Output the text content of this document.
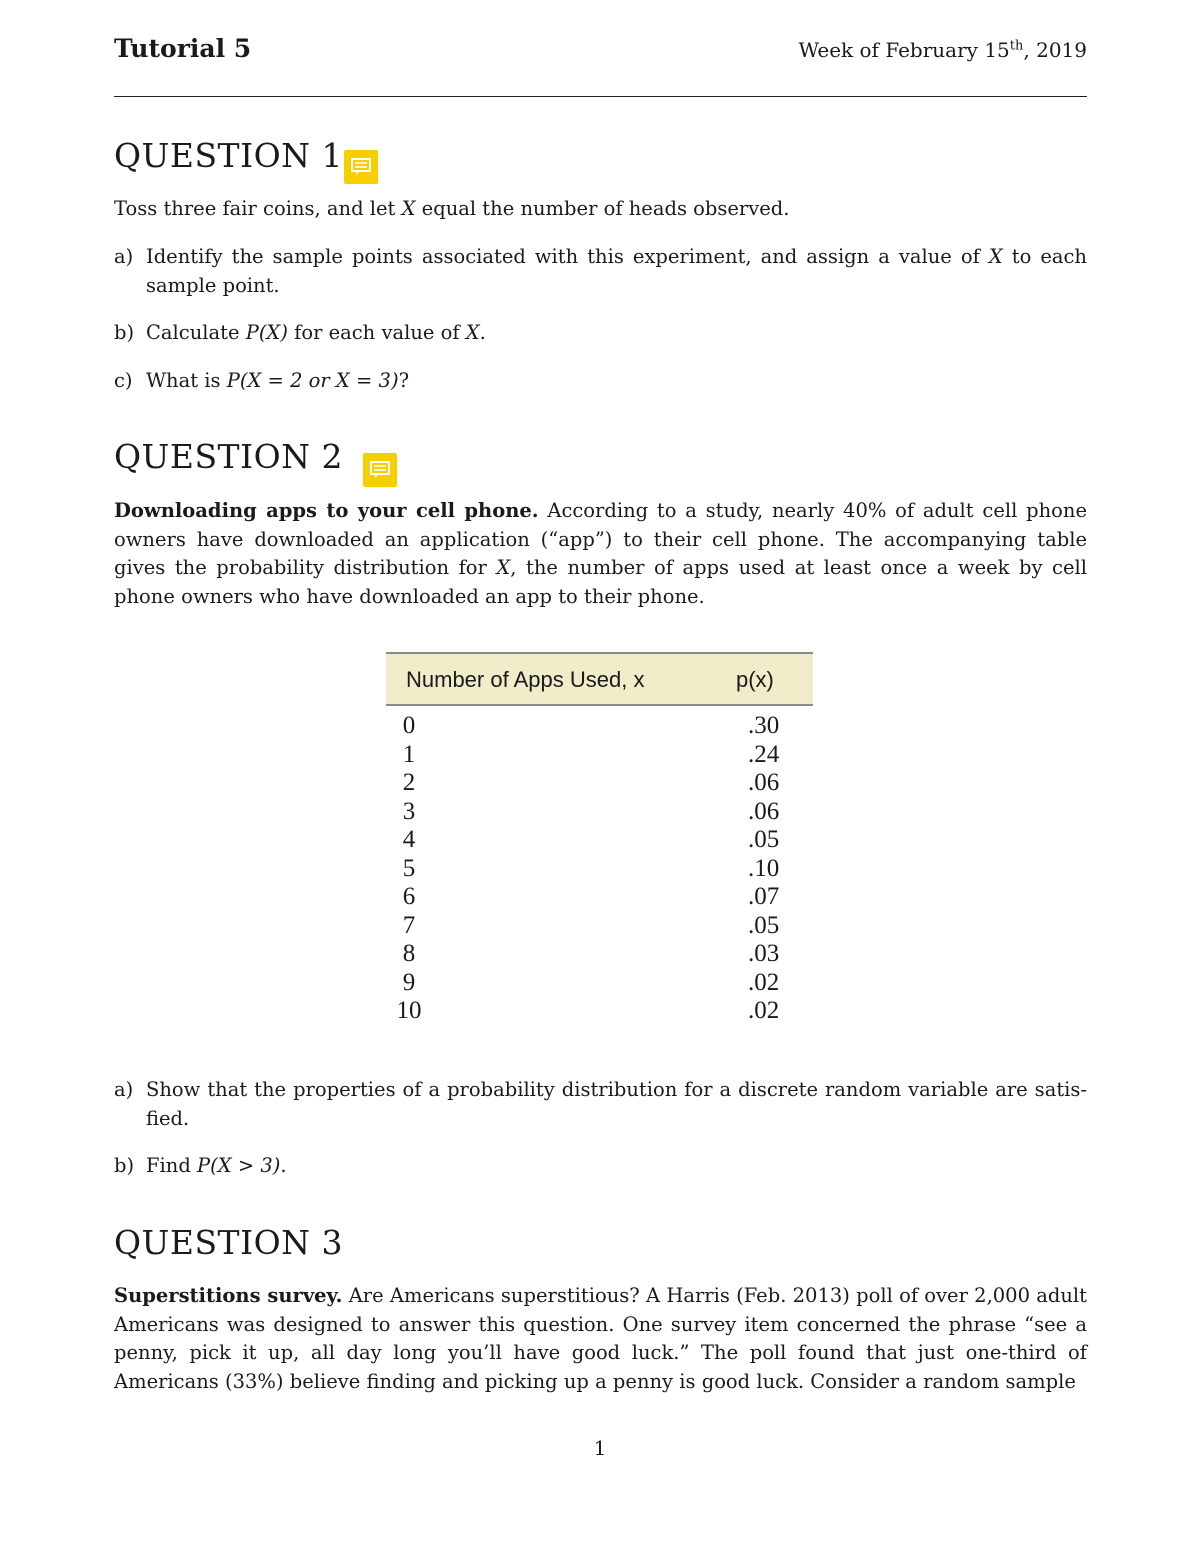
Tutorial 5	Week of February 15th, 2019
QUESTION 1
Toss three fair coins, and let X equal the number of heads observed.
a) Identify the sample points associated with this experiment, and assign a value of X to each sample point.
b) Calculate P(X) for each value of X.
c) What is P(X = 2 or X = 3)?
QUESTION 2
Downloading apps to your cell phone. According to a study, nearly 40% of adult cell phone owners have downloaded an application (“app”) to their cell phone. The accompanying table gives the probability distribution for X, the number of apps used at least once a week by cell phone owners who have downloaded an app to their phone.
Number of Apps Used, x	p(x)
0	.30
1	.24
2	.06
3	.06
4	.05
5	.10
6	.07
7	.05
8	.03
9	.02
10	.02
a) Show that the properties of a probability distribution for a discrete random variable are satis- fied.
b) Find P(X > 3).
QUESTION 3
Superstitions survey. Are Americans superstitious? A Harris (Feb. 2013) poll of over 2,000 adult Americans was designed to answer this question. One survey item concerned the phrase “see a penny, pick it up, all day long you’ll have good luck.” The poll found that just one-third of Americans (33%) believe finding and picking up a penny is good luck. Consider a random sample
1
